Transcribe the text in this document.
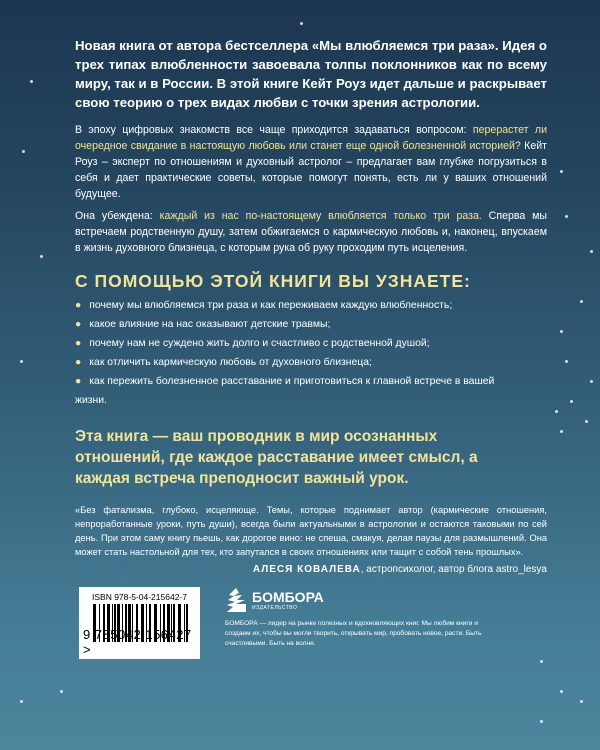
Новая книга от автора бестселлера «Мы влюбляемся три раза». Идея о трех типах влюбленности завоевала толпы поклонников как по всему миру, так и в России. В этой книге Кейт Роуз идет дальше и раскрывает свою теорию о трех видах любви с точки зрения астрологии.

В эпоху цифровых знакомств все чаще приходится задаваться вопросом: перерастет ли очередное свидание в настоящую любовь или станет еще одной болезненной историей? Кейт Роуз – эксперт по отношениям и духовный астролог – предлагает вам глубже погрузиться в себя и дает практические советы, которые помогут понять, есть ли у ваших отношений будущее.

Она убеждена: каждый из нас по-настоящему влюбляется только три раза. Сперва мы встречаем родственную душу, затем обжигаемся о кармическую любовь и, наконец, впускаем в жизнь духовного близнеца, с которым рука об руку проходим путь исцеления.

С ПОМОЩЬЮ ЭТОЙ КНИГИ ВЫ УЗНАЕТЕ:
● почему мы влюбляемся три раза и как переживаем каждую влюбленность;
● какое влияние на нас оказывают детские травмы;
● почему нам не суждено жить долго и счастливо с родственной душой;
● как отличить кармическую любовь от духовного близнеца;
● как пережить болезненное расставание и приготовиться к главной встрече в вашей жизни.

Эта книга — ваш проводник в мир осознанных отношений, где каждое расставание имеет смысл, а каждая встреча преподносит важный урок.

«Без фатализма, глубоко, исцеляюще. Темы, которые поднимает автор (кармические отношения, непроработанные уроки, путь души), всегда были актуальными в астрологии и остаются таковыми по сей день. При этом саму книгу пьешь, как дорогое вино: не спеша, смакуя, делая паузы для размышлений. Она может стать настольной для тех, кто запутался в своих отношениях или тащит с собой тень прошлых».

АЛЕСЯ КОВАЛЕВА, астропсихолог, автор блога astro_lesya

ISBN 978-5-04-215642-7
9 785042 156427 >
БОМБОРА
ИЗДАТЕЛЬСТВО

БОМБОРА — лидер на рынке полезных и вдохновляющих книг. Мы любим книги и создаем их, чтобы вы могли творить, открывать мир, пробовать новое, расти. Быть счастливыми. Быть на волне.
